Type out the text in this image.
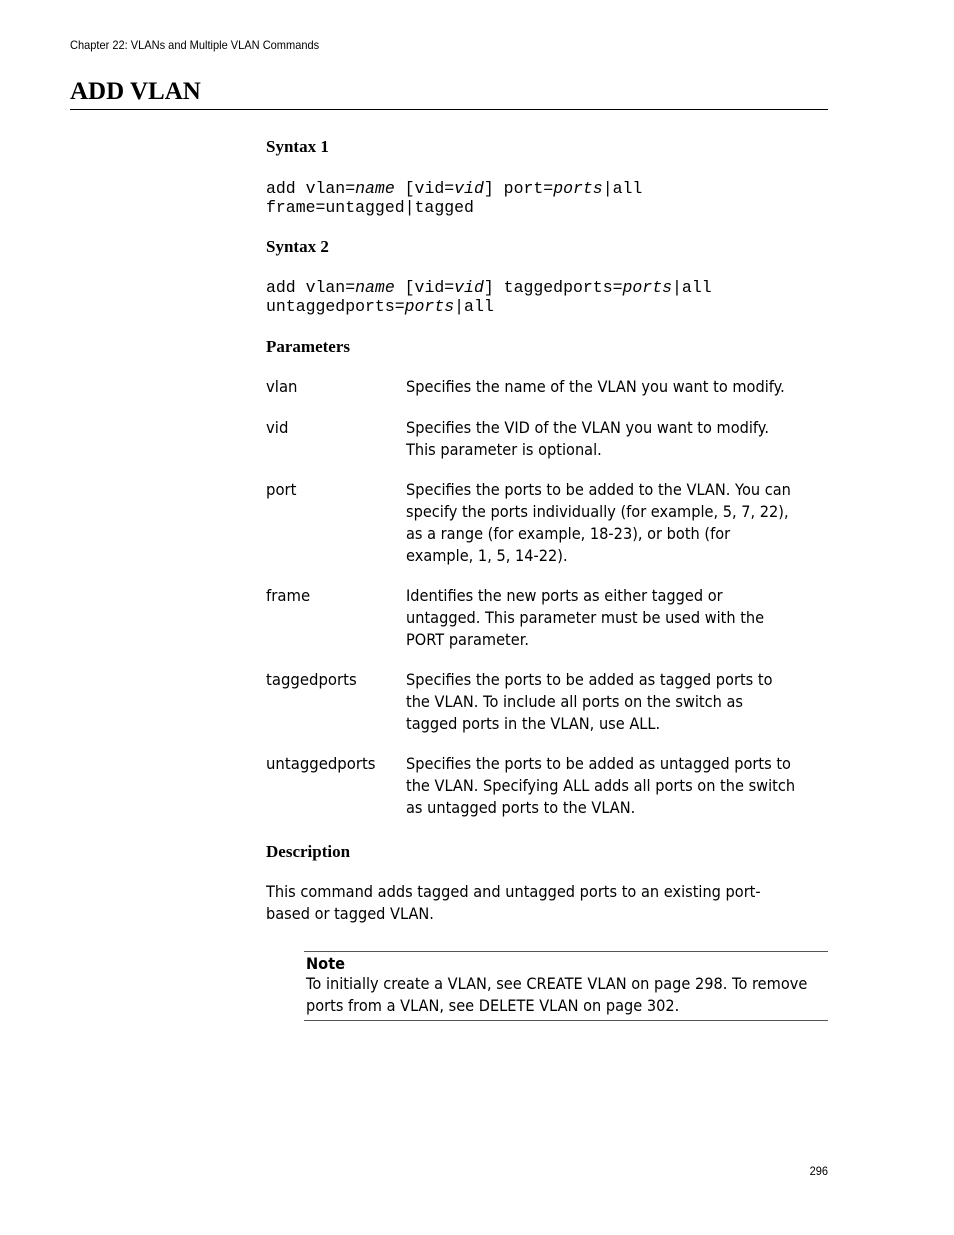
Chapter 22: VLANs and Multiple VLAN Commands
ADD VLAN
Syntax 1
add vlan=name [vid=vid] port=ports|all
frame=untagged|tagged
Syntax 2
add vlan=name [vid=vid] taggedports=ports|all
untaggedports=ports|all
Parameters
vlan	Specifies the name of the VLAN you want to modify.
vid	Specifies the VID of the VLAN you want to modify. This parameter is optional.
port	Specifies the ports to be added to the VLAN. You can specify the ports individually (for example, 5, 7, 22), as a range (for example, 18-23), or both (for example, 1, 5, 14-22).
frame	Identifies the new ports as either tagged or untagged. This parameter must be used with the PORT parameter.
taggedports	Specifies the ports to be added as tagged ports to the VLAN. To include all ports on the switch as tagged ports in the VLAN, use ALL.
untaggedports Specifies the ports to be added as untagged ports to the VLAN. Specifying ALL adds all ports on the switch as untagged ports to the VLAN.
Description
This command adds tagged and untagged ports to an existing port-based or tagged VLAN.
Note
To initially create a VLAN, see CREATE VLAN on page 298. To remove ports from a VLAN, see DELETE VLAN on page 302.
296
